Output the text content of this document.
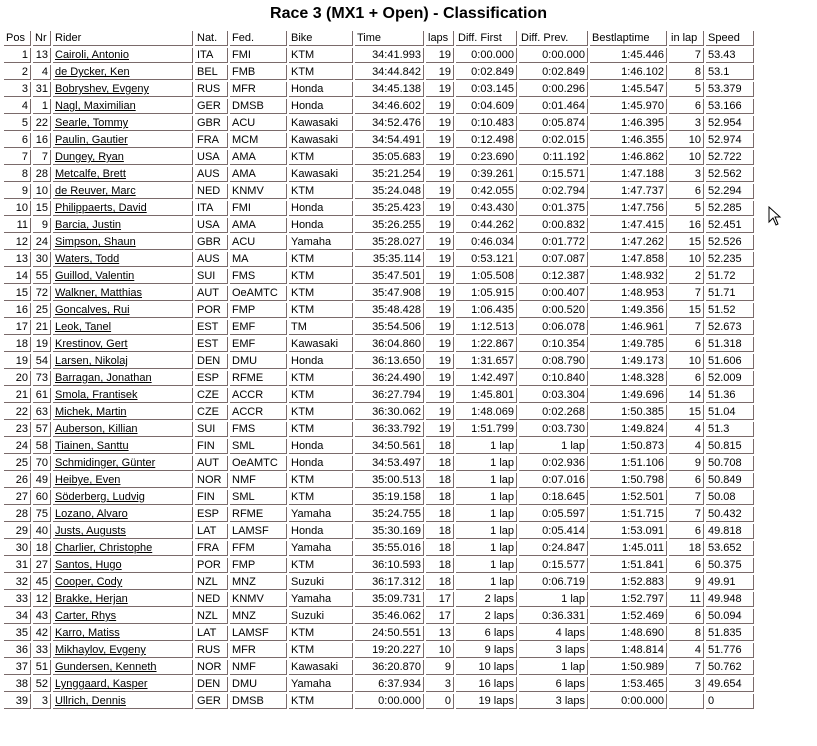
Race 3 (MX1 + Open) - Classification
Pos	Nr	Rider	Nat.	Fed.	Bike	Time	laps	Diff. First	Diff. Prev.	Bestlaptime	in lap	Speed
1	13	Cairoli, Antonio	ITA	FMI	KTM	34:41.993	19	0:00.000	0:00.000	1:45.446	7	53.43
2	4	de Dycker, Ken	BEL	FMB	KTM	34:44.842	19	0:02.849	0:02.849	1:46.102	8	53.1
3	31	Bobryshev, Evgeny	RUS	MFR	Honda	34:45.138	19	0:03.145	0:00.296	1:45.547	5	53.379
4	1	Nagl, Maximilian	GER	DMSB	Honda	34:46.602	19	0:04.609	0:01.464	1:45.970	6	53.166
5	22	Searle, Tommy	GBR	ACU	Kawasaki	34:52.476	19	0:10.483	0:05.874	1:46.395	3	52.954
6	16	Paulin, Gautier	FRA	MCM	Kawasaki	34:54.491	19	0:12.498	0:02.015	1:46.355	10	52.974
7	7	Dungey, Ryan	USA	AMA	KTM	35:05.683	19	0:23.690	0:11.192	1:46.862	10	52.722
8	28	Metcalfe, Brett	AUS	AMA	Kawasaki	35:21.254	19	0:39.261	0:15.571	1:47.188	3	52.562
9	10	de Reuver, Marc	NED	KNMV	KTM	35:24.048	19	0:42.055	0:02.794	1:47.737	6	52.294
10	15	Philippaerts, David	ITA	FMI	Honda	35:25.423	19	0:43.430	0:01.375	1:47.756	5	52.285
11	9	Barcia, Justin	USA	AMA	Honda	35:26.255	19	0:44.262	0:00.832	1:47.415	16	52.451
12	24	Simpson, Shaun	GBR	ACU	Yamaha	35:28.027	19	0:46.034	0:01.772	1:47.262	15	52.526
13	30	Waters, Todd	AUS	MA	KTM	35:35.114	19	0:53.121	0:07.087	1:47.858	10	52.235
14	55	Guillod, Valentin	SUI	FMS	KTM	35:47.501	19	1:05.508	0:12.387	1:48.932	2	51.72
15	72	Walkner, Matthias	AUT	OeAMTC	KTM	35:47.908	19	1:05.915	0:00.407	1:48.953	7	51.71
16	25	Goncalves, Rui	POR	FMP	KTM	35:48.428	19	1:06.435	0:00.520	1:49.356	15	51.52
17	21	Leok, Tanel	EST	EMF	TM	35:54.506	19	1:12.513	0:06.078	1:46.961	7	52.673
18	19	Krestinov, Gert	EST	EMF	Kawasaki	36:04.860	19	1:22.867	0:10.354	1:49.785	6	51.318
19	54	Larsen, Nikolaj	DEN	DMU	Honda	36:13.650	19	1:31.657	0:08.790	1:49.173	10	51.606
20	73	Barragan, Jonathan	ESP	RFME	KTM	36:24.490	19	1:42.497	0:10.840	1:48.328	6	52.009
21	61	Smola, Frantisek	CZE	ACCR	KTM	36:27.794	19	1:45.801	0:03.304	1:49.696	14	51.36
22	63	Michek, Martin	CZE	ACCR	KTM	36:30.062	19	1:48.069	0:02.268	1:50.385	15	51.04
23	57	Auberson, Killian	SUI	FMS	KTM	36:33.792	19	1:51.799	0:03.730	1:49.824	4	51.3
24	58	Tiainen, Santtu	FIN	SML	Honda	34:50.561	18	1 lap	1 lap	1:50.873	4	50.815
25	70	Schmidinger, Günter	AUT	OeAMTC	Honda	34:53.497	18	1 lap	0:02.936	1:51.106	9	50.708
26	49	Heibye, Even	NOR	NMF	KTM	35:00.513	18	1 lap	0:07.016	1:50.798	6	50.849
27	60	Söderberg, Ludvig	FIN	SML	KTM	35:19.158	18	1 lap	0:18.645	1:52.501	7	50.08
28	75	Lozano, Alvaro	ESP	RFME	Yamaha	35:24.755	18	1 lap	0:05.597	1:51.715	7	50.432
29	40	Justs, Augusts	LAT	LAMSF	Honda	35:30.169	18	1 lap	0:05.414	1:53.091	6	49.818
30	18	Charlier, Christophe	FRA	FFM	Yamaha	35:55.016	18	1 lap	0:24.847	1:45.011	18	53.652
31	27	Santos, Hugo	POR	FMP	KTM	36:10.593	18	1 lap	0:15.577	1:51.841	6	50.375
32	45	Cooper, Cody	NZL	MNZ	Suzuki	36:17.312	18	1 lap	0:06.719	1:52.883	9	49.91
33	12	Brakke, Herjan	NED	KNMV	Yamaha	35:09.731	17	2 laps	1 lap	1:52.797	11	49.948
34	43	Carter, Rhys	NZL	MNZ	Suzuki	35:46.062	17	2 laps	0:36.331	1:52.469	6	50.094
35	42	Karro, Matiss	LAT	LAMSF	KTM	24:50.551	13	6 laps	4 laps	1:48.690	8	51.835
36	33	Mikhaylov, Evgeny	RUS	MFR	KTM	19:20.227	10	9 laps	3 laps	1:48.814	4	51.776
37	51	Gundersen, Kenneth	NOR	NMF	Kawasaki	36:20.870	9	10 laps	1 lap	1:50.989	7	50.762
38	52	Lynggaard, Kasper	DEN	DMU	Yamaha	6:37.934	3	16 laps	6 laps	1:53.465	3	49.654
39	3	Ullrich, Dennis	GER	DMSB	KTM	0:00.000	0	19 laps	3 laps	0:00.000		0
